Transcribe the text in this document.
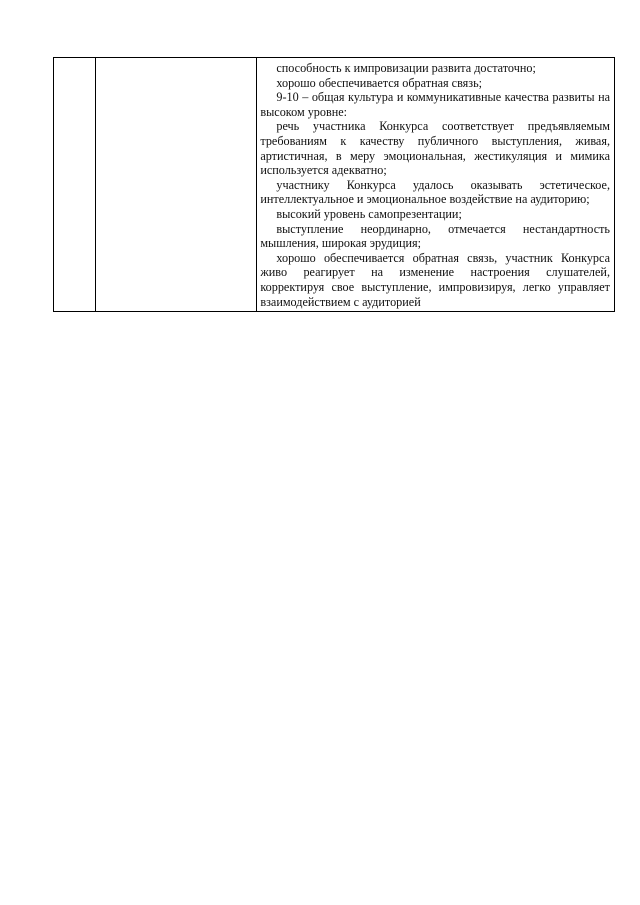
способность к импровизации развита достаточно;

хорошо обеспечивается обратная связь;

9-10 – общая культура и коммуникативные качества развиты на высоком уровне:

речь участника Конкурса соответствует предъявляемым требованиям к качеству публичного выступления, живая, артистичная, в меру эмоциональная, жестикуляция и мимика используется адекватно;

участнику Конкурса удалось оказывать эстетическое, интеллектуальное и эмоциональное воздействие на аудиторию;

высокий уровень самопрезентации;

выступление неординарно, отмечается нестандартность мышления, широкая эрудиция;

хорошо обеспечивается обратная связь, участник Конкурса живо реагирует на изменение настроения слушателей, корректируя свое выступление, импровизируя, легко управляет взаимодействием с аудиторией
